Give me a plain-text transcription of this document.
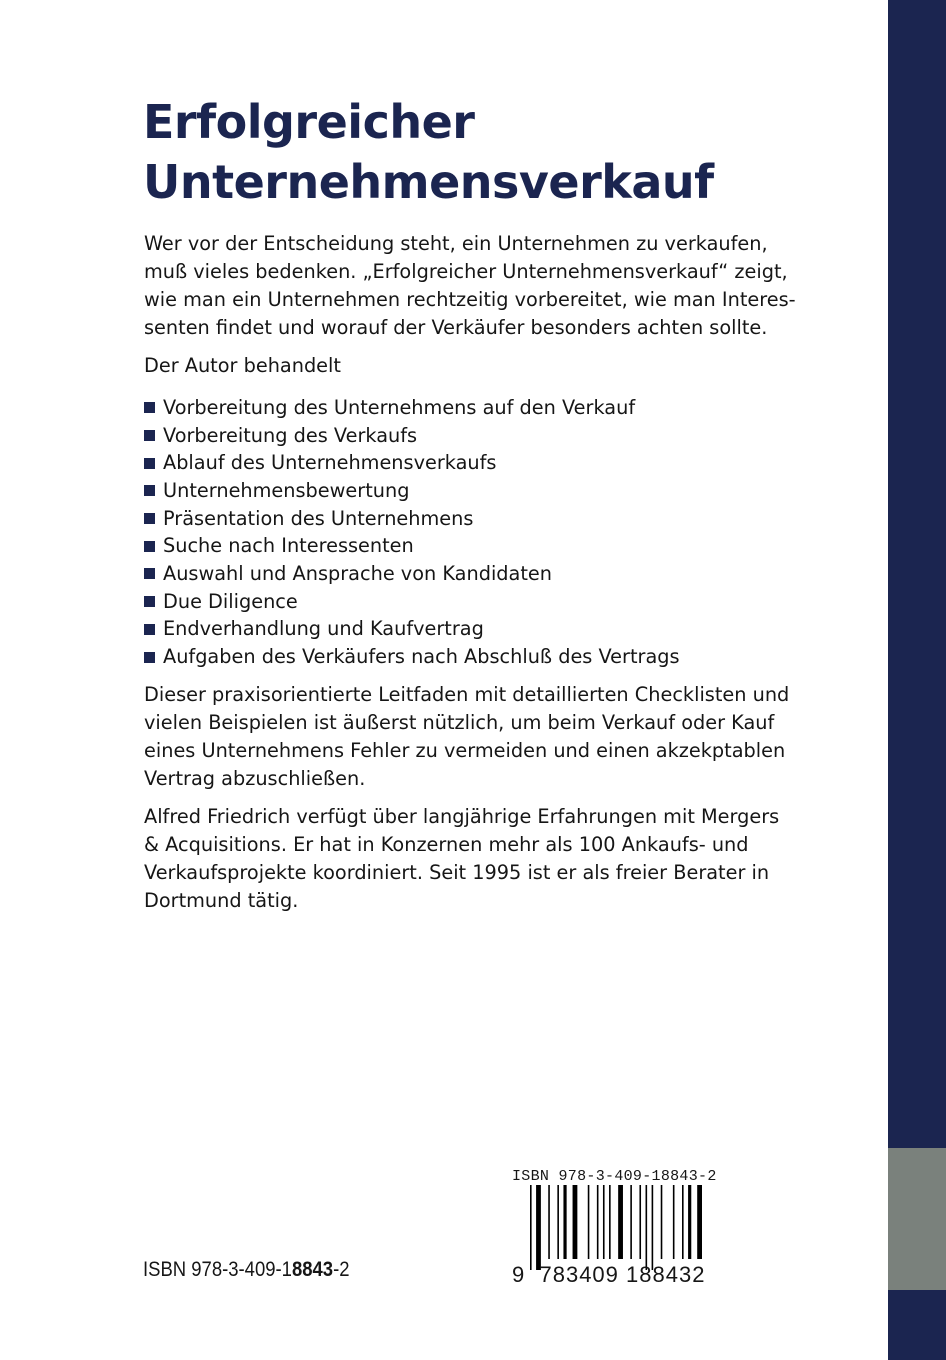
Erfolgreicher
Unternehmensverkauf

Wer vor der Entscheidung steht, ein Unternehmen zu verkaufen,
muß vieles bedenken. „Erfolgreicher Unternehmensverkauf“ zeigt,
wie man ein Unternehmen rechtzeitig vorbereitet, wie man Interes-
senten findet und worauf der Verkäufer besonders achten sollte.

Der Autor behandelt

Vorbereitung des Unternehmens auf den Verkauf
Vorbereitung des Verkaufs
Ablauf des Unternehmensverkaufs
Unternehmensbewertung
Präsentation des Unternehmens
Suche nach Interessenten
Auswahl und Ansprache von Kandidaten
Due Diligence
Endverhandlung und Kaufvertrag
Aufgaben des Verkäufers nach Abschluß des Vertrags

Dieser praxisorientierte Leitfaden mit detaillierten Checklisten und
vielen Beispielen ist äußerst nützlich, um beim Verkauf oder Kauf
eines Unternehmens Fehler zu vermeiden und einen akzekptablen
Vertrag abzuschließen.

Alfred Friedrich verfügt über langjährige Erfahrungen mit Mergers
& Acquisitions. Er hat in Konzernen mehr als 100 Ankaufs- und
Verkaufsprojekte koordiniert. Seit 1995 ist er als freier Berater in
Dortmund tätig.

ISBN 978-3-409-18843-2
ISBN 978-3-409-18843-2
9 783409 188432
